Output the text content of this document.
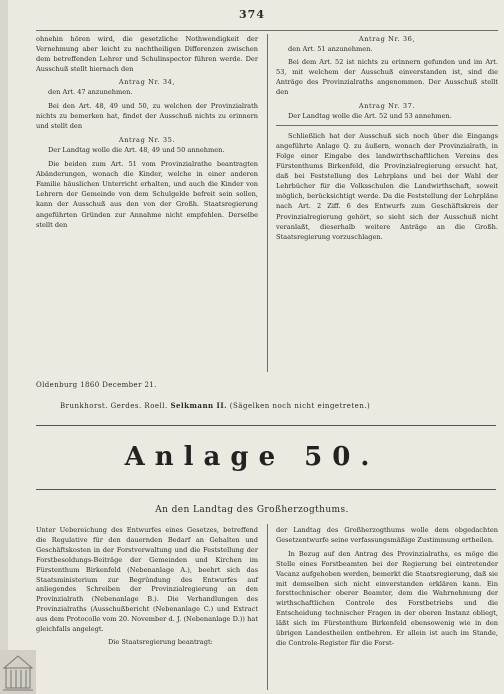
374

ohnehin hören wird, die gesetzliche Nothwendigkeit der Vernehmung aber leicht zu nachtheiligen Differenzen zwischen dem betreffenden Lehrer und Schulinspector führen werde. Der Ausschuß stellt hiernach den

Antrag Nr. 34,

den Art. 47 anzunehmen.

Bei den Art. 48, 49 und 50, zu welchen der Provinzialrath nichts zu bemerken hat, findet der Ausschuß nichts zu erinnern und stellt den

Antrag Nr. 35.

Der Landtag wolle die Art. 48, 49 und 50 annehmen.

Die beiden zum Art. 51 vom Provinzialrathe beantragten Abänderungen, wonach die Kinder, welche in einer anderen Familie häuslichen Unterricht erhalten, und auch die Kinder von Lehrern der Gemeinde von dem Schulgelde befreit sein sollen, kann der Ausschuß aus den von der Großh. Staatsregierung angeführten Gründen zur Annahme nicht empfehlen. Derselbe stellt den

Antrag Nr. 36,

den Art. 51 anzunehmen.

Bei dem Art. 52 ist nichts zu erinnern gefunden und im Art. 53, mit welchem der Ausschuß einverstanden ist, sind die Anträge des Provinzialraths angenommen. Der Ausschuß stellt den

Antrag Nr. 37.

Der Landtag wolle die Art. 52 und 53 annehmen.

Schließlich hat der Ausschuß sich noch über die Eingangs angeführte Anlage Q. zu äußern, wonach der Provinzialrath, in Folge einer Eingabe des landwirthschaftlichen Vereins des Fürstenthums Birkenfeld, die Provinzialregierung ersucht hat, daß bei Feststellung des Lehrplans und bei der Wahl der Lehrbücher für die Volksschulen die Landwirthschaft, soweit möglich, berücksichtigt werde. Da die Feststellung der Lehrpläne nach Art. 2 Ziff. 6 des Entwurfs zum Geschäftskreis der Provinzialregierung gehört, so sieht sich der Ausschuß nicht veranlaßt, dieserhalb weitere Anträge an die Großh. Staatsregierung vorzuschlagen.

Oldenburg 1860 December 21.
Brunkhorst. Gerdes. Roell. Selkmann II. (Sägelken noch nicht eingetreten.)
Anlage 50.
An den Landtag des Großherzogthums.

Unter Uebereichung des Entwurfes eines Gesetzes, betreffend die Regulative für den dauernden Bedarf an Gehalten und Geschäftskosten in der Forstverwaltung und die Feststellung der Forstbesoldungs-Beiträge der Gemeinden und Kirchen im Fürstenthum Birkenfeld (Nebenanlage A.), beehrt sich das Staatsministerium zur Begründung des Entwurfes auf anliegendes Schreiben der Provinzialregierung an den Provinzialrath (Nebenanlage B.). Die Verhandlungen des Provinzialraths (Ausschußbericht (Nebenanlage C.) und Extract aus dem Protocolle vom 20. November d. J. (Nebenanlage D.)) hat gleichfalls angelegt.

Die Staatsregierung beantragt:

der Landtag des Großherzogthums wolle dem obgedachten Gesetzentwurfe seine verfassungsmäßige Zustimmung ertheilen.

In Bezug auf den Antrag des Provinzialraths, es möge die Stelle eines Forstbeamten bei der Regierung bei eintretender Vacanz aufgehoben werden, bemerkt die Staatsregierung, daß sie mit demselben sich nicht einverstanden erklären kann. Ein forsttechnischer oberer Beamter, dem die Wahrnehmung der wirthschaftlichen Controle des Forstbetriebs und die Entscheidung technischer Fragen in der oberen Instanz obliegt, läßt sich im Fürstenthum Birkenfeld ebensowenig wie in den übrigen Landestheilen entbehren. Er allein ist auch im Stande, die Controle-Register für die Forst-
